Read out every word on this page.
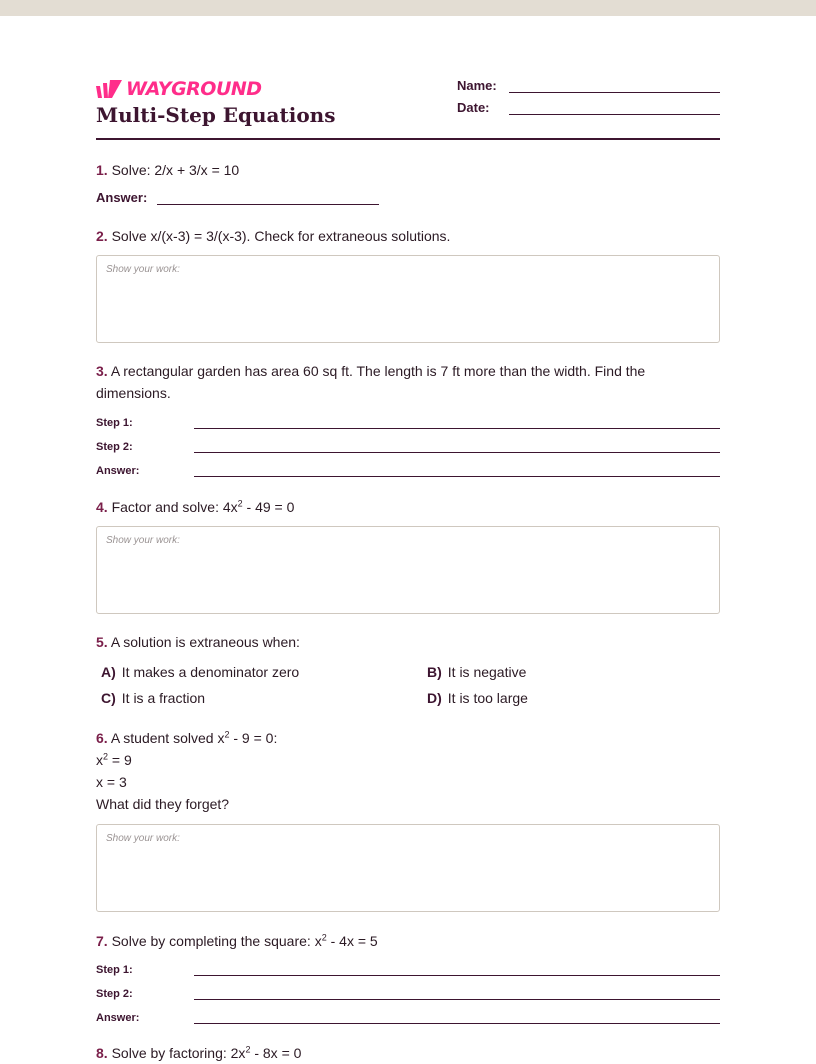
WAYGROUND
Multi-Step Equations
Name:
Date:
1. Solve: 2/x + 3/x = 10
Answer:
2. Solve x/(x-3) = 3/(x-3). Check for extraneous solutions.
Show your work:
3. A rectangular garden has area 60 sq ft. The length is 7 ft more than the width. Find the dimensions.
Step 1:
Step 2:
Answer:
4. Factor and solve: $4x^2 - 49 = 0$
Show your work:
5. A solution is extraneous when:
A) It makes a denominator zero	B) It is negative
C) It is a fraction	D) It is too large
6. A student solved $x^2 - 9 = 0$:
$x^2 = 9$
x = 3
What did they forget?
Show your work:
7. Solve by completing the square: $x^2 - 4x = 5$
Step 1:
Step 2:
Answer:
8. Solve by factoring: $2x^2 - 8x = 0$
